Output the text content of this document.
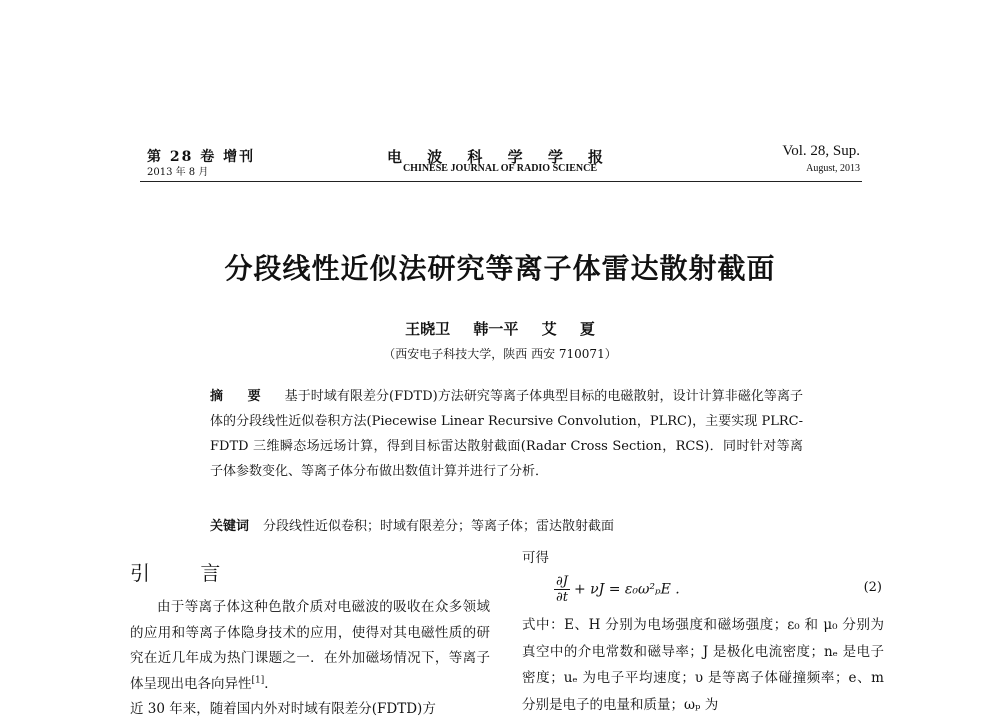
第 28 卷 增刊
2013 年 8 月
电 波 科 学 学 报
CHINESE JOURNAL OF RADIO SCIENCE
Vol. 28, Sup.
August, 2013
分段线性近似法研究等离子体雷达散射截面
王晓卫 韩一平 艾 夏
（西安电子科技大学，陕西 西安 710071）
摘 要 基于时域有限差分(FDTD)方法研究等离子体典型目标的电磁散射，设计计算非磁化等离子体的分段线性近似卷积方法(Piecewise Linear Recursive Convolution，PLRC)，主要实现 PLRC-FDTD 三维瞬态场远场计算，得到目标雷达散射截面(Radar Cross Section，RCS)．同时针对等离子体参数变化、等离子体分布做出数值计算并进行了分析．
关键词 分段线性近似卷积；时域有限差分；等离子体；雷达散射截面
引 言

由于等离子体这种色散介质对电磁波的吸收在众多领域的应用和等离子体隐身技术的应用，使得对其电磁性质的研究在近几年成为热门课题之一．在外加磁场情况下，等离子体呈现出电各向异性[1]．

近 30 年来，随着国内外对时域有限差分(FDTD)方

可得
$\frac{\partial J}{\partial t} + \nu J = \varepsilon_0\omega^2_pE$ .	(2)
式中：E、H 分别为电场强度和磁场强度；ε₀ 和 μ₀ 分别为真空中的介电常数和磁导率；J 是极化电流密度；nₑ 是电子密度；uₑ 为电子平均速度；υ 是等离子体碰撞频率；e、m 分别是电子的电量和质量；ωₚ 为
